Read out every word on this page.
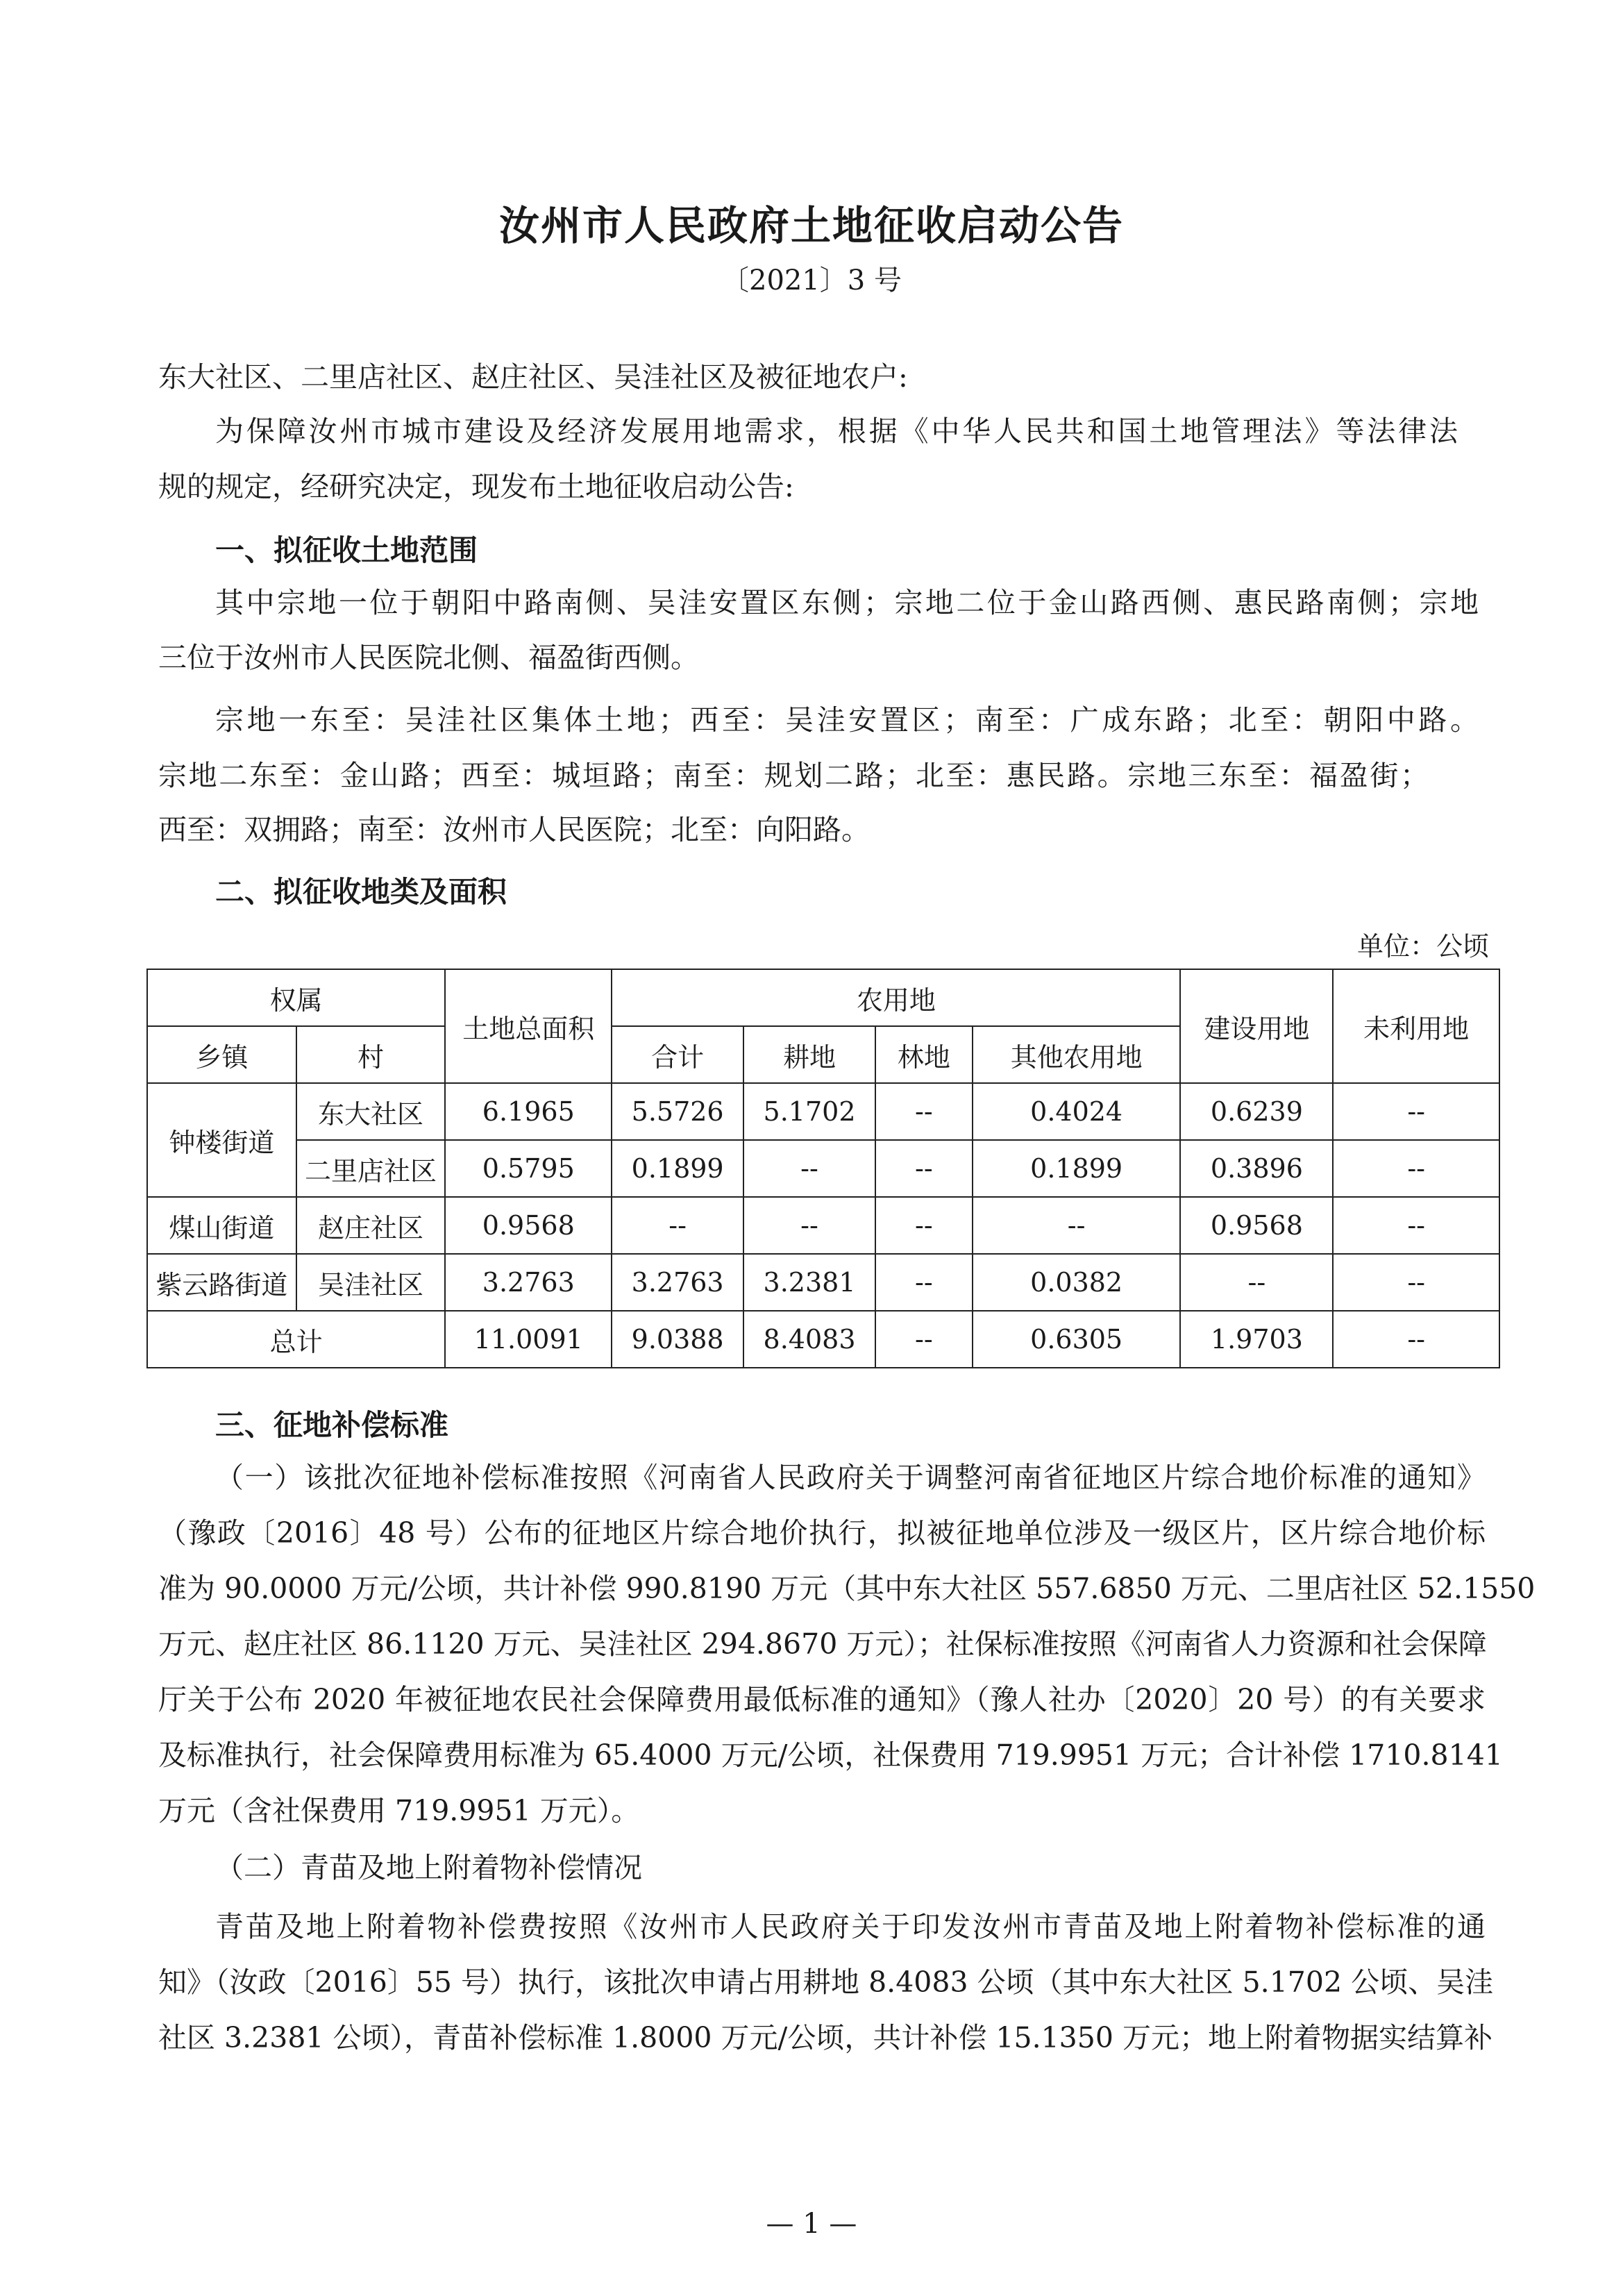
汝州市人民政府土地征收启动公告
〔2021〕3 号
东大社区、二里店社区、赵庄社区、吴洼社区及被征地农户:
为保障汝州市城市建设及经济发展用地需求，根据《中华人民共和国土地管理法》等法律法
规的规定，经研究决定，现发布土地征收启动公告:
一、拟征收土地范围
其中宗地一位于朝阳中路南侧、吴洼安置区东侧；宗地二位于金山路西侧、惠民路南侧；宗地
三位于汝州市人民医院北侧、福盈街西侧。
宗地一东至：吴洼社区集体土地；西至：吴洼安置区；南至：广成东路；北至：朝阳中路。
宗地二东至：金山路；西至：城垣路；南至：规划二路；北至：惠民路。宗地三东至：福盈街；
西至：双拥路；南至：汝州市人民医院；北至：向阳路。
二、拟征收地类及面积
单位：公顷
权属		土地总面积	农用地				建设用地	未利用地
乡镇	村		合计	耕地	林地	其他农用地		
钟楼街道	东大社区	6.1965	5.5726	5.1702	--	0.4024	0.6239	--
	二里店社区	0.5795	0.1899	--	--	0.1899	0.3896	--
煤山街道	赵庄社区	0.9568	--	--	--	--	0.9568	--
紫云路街道	吴洼社区	3.2763	3.2763	3.2381	--	0.0382	--	--
总计		11.0091	9.0388	8.4083	--	0.6305	1.9703	--
三、征地补偿标准
（一）该批次征地补偿标准按照《河南省人民政府关于调整河南省征地区片综合地价标准的通知》
（豫政〔2016〕48 号）公布的征地区片综合地价执行，拟被征地单位涉及一级区片，区片综合地价标
准为 90.0000 万元/公顷，共计补偿 990.8190 万元（其中东大社区 557.6850 万元、二里店社区 52.1550
万元、赵庄社区 86.1120 万元、吴洼社区 294.8670 万元）；社保标准按照《河南省人力资源和社会保障
厅关于公布 2020 年被征地农民社会保障费用最低标准的通知》（豫人社办〔2020〕20 号）的有关要求
及标准执行，社会保障费用标准为 65.4000 万元/公顷，社保费用 719.9951 万元；合计补偿 1710.8141
万元（含社保费用 719.9951 万元）。
（二）青苗及地上附着物补偿情况
青苗及地上附着物补偿费按照《汝州市人民政府关于印发汝州市青苗及地上附着物补偿标准的通
知》（汝政〔2016〕55 号）执行，该批次申请占用耕地 8.4083 公顷（其中东大社区 5.1702 公顷、吴洼
社区 3.2381 公顷），青苗补偿标准 1.8000 万元/公顷，共计补偿 15.1350 万元；地上附着物据实结算补
— 1 —
